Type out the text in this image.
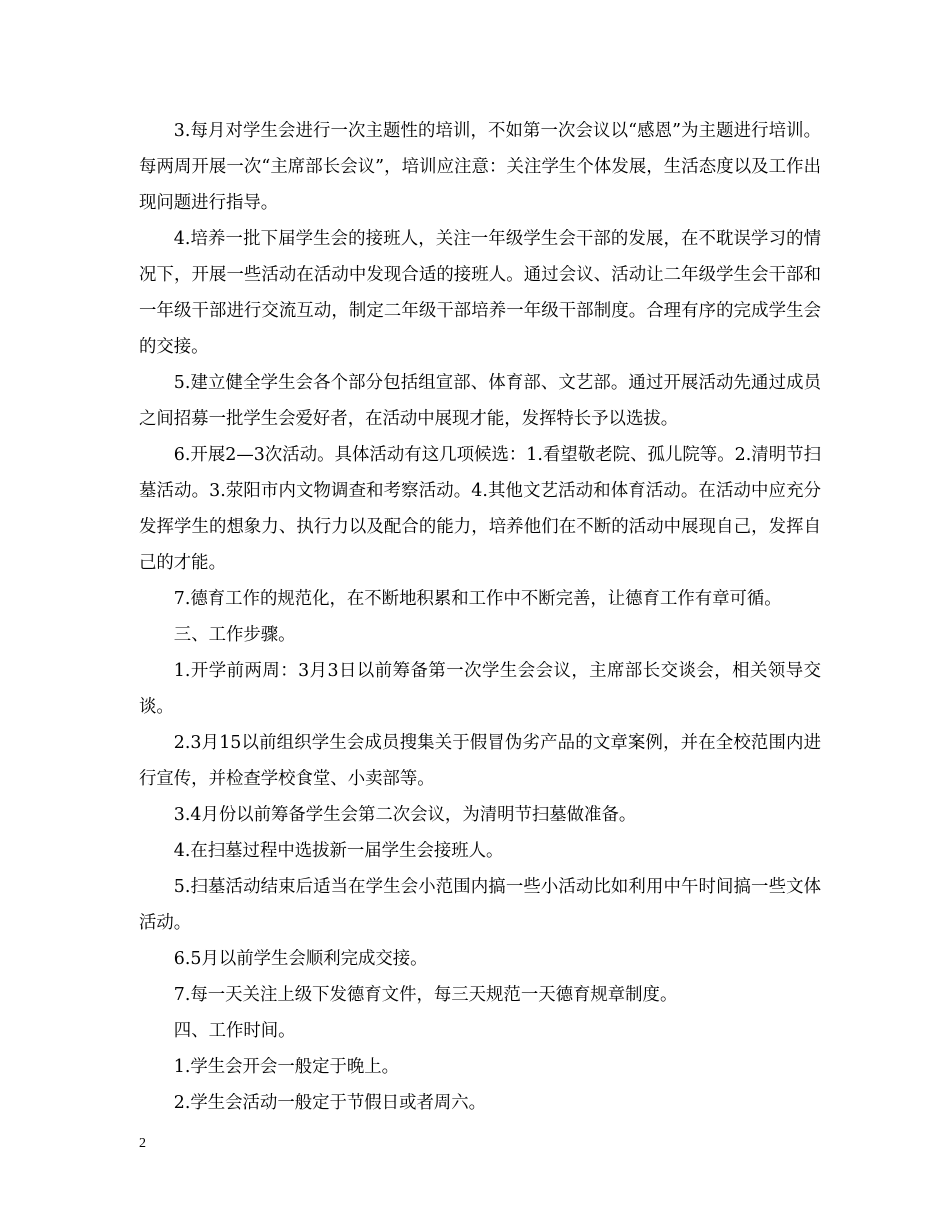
3.每月对学生会进行一次主题性的培训，不如第一次会议以“感恩”为主题进行培训。每两周开展一次“主席部长会议”，培训应注意：关注学生个体发展，生活态度以及工作出现问题进行指导。

4.培养一批下届学生会的接班人，关注一年级学生会干部的发展，在不耽误学习的情况下，开展一些活动在活动中发现合适的接班人。通过会议、活动让二年级学生会干部和一年级干部进行交流互动，制定二年级干部培养一年级干部制度。合理有序的完成学生会的交接。

5.建立健全学生会各个部分包括组宣部、体育部、文艺部。通过开展活动先通过成员之间招募一批学生会爱好者，在活动中展现才能，发挥特长予以选拔。

6.开展2—3次活动。具体活动有这几项候选：1.看望敬老院、孤儿院等。2.清明节扫墓活动。3.荥阳市内文物调查和考察活动。4.其他文艺活动和体育活动。在活动中应充分发挥学生的想象力、执行力以及配合的能力，培养他们在不断的活动中展现自己，发挥自己的才能。

7.德育工作的规范化，在不断地积累和工作中不断完善，让德育工作有章可循。

三、工作步骤。

1.开学前两周：3月3日以前筹备第一次学生会会议，主席部长交谈会，相关领导交谈。

2.3月15以前组织学生会成员搜集关于假冒伪劣产品的文章案例，并在全校范围内进行宣传，并检查学校食堂、小卖部等。

3.4月份以前筹备学生会第二次会议，为清明节扫墓做准备。

4.在扫墓过程中选拔新一届学生会接班人。

5.扫墓活动结束后适当在学生会小范围内搞一些小活动比如利用中午时间搞一些文体活动。

6.5月以前学生会顺利完成交接。

7.每一天关注上级下发德育文件，每三天规范一天德育规章制度。

四、工作时间。

1.学生会开会一般定于晚上。

2.学生会活动一般定于节假日或者周六。

2
